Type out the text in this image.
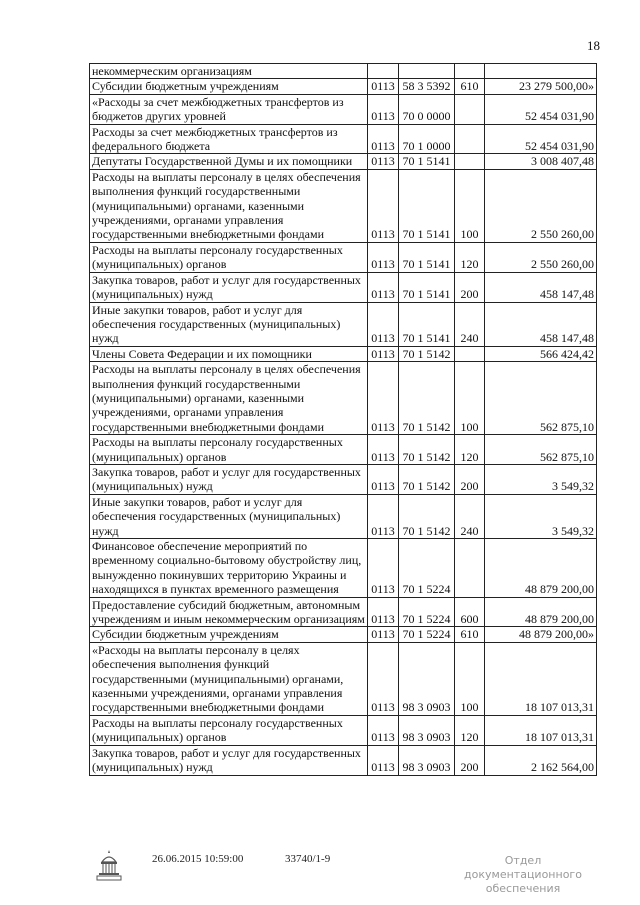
18
некоммерческим организациям				
Субсидии бюджетным учреждениям	0113	58 3 5392	610	23 279 500,00»
«Расходы за счет межбюджетных трансфертов из бюджетов других уровней	0113	70 0 0000		52 454 031,90
Расходы за счет межбюджетных трансфертов из федерального бюджета	0113	70 1 0000		52 454 031,90
Депутаты Государственной Думы и их помощники	0113	70 1 5141		3 008 407,48
Расходы на выплаты персоналу в целях обеспечения выполнения функций государственными (муниципальными) органами, казенными учреждениями, органами управления государственными внебюджетными фондами	0113	70 1 5141	100	2 550 260,00
Расходы на выплаты персоналу государственных (муниципальных) органов	0113	70 1 5141	120	2 550 260,00
Закупка товаров, работ и услуг для государственных (муниципальных) нужд	0113	70 1 5141	200	458 147,48
Иные закупки товаров, работ и услуг для обеспечения государственных (муниципальных) нужд	0113	70 1 5141	240	458 147,48
Члены Совета Федерации и их помощники	0113	70 1 5142		566 424,42
Расходы на выплаты персоналу в целях обеспечения выполнения функций государственными (муниципальными) органами, казенными учреждениями, органами управления государственными внебюджетными фондами	0113	70 1 5142	100	562 875,10
Расходы на выплаты персоналу государственных (муниципальных) органов	0113	70 1 5142	120	562 875,10
Закупка товаров, работ и услуг для государственных (муниципальных) нужд	0113	70 1 5142	200	3 549,32
Иные закупки товаров, работ и услуг для обеспечения государственных (муниципальных) нужд	0113	70 1 5142	240	3 549,32
Финансовое обеспечение мероприятий по временному социально-бытовому обустройству лиц, вынужденно покинувших территорию Украины и находящихся в пунктах временного размещения	0113	70 1 5224		48 879 200,00
Предоставление субсидий бюджетным, автономным учреждениям и иным некоммерческим организациям	0113	70 1 5224	600	48 879 200,00
Субсидии бюджетным учреждениям	0113	70 1 5224	610	48 879 200,00»
«Расходы на выплаты персоналу в целях обеспечения выполнения функций государственными (муниципальными) органами, казенными учреждениями, органами управления государственными внебюджетными фондами	0113	98 3 0903	100	18 107 013,31
Расходы на выплаты персоналу государственных (муниципальных) органов	0113	98 3 0903	120	18 107 013,31
Закупка товаров, работ и услуг для государственных (муниципальных) нужд	0113	98 3 0903	200	2 162 564,00
26.06.2015 10:59:00	33740/1-9	Отдел документационного
обеспечения
